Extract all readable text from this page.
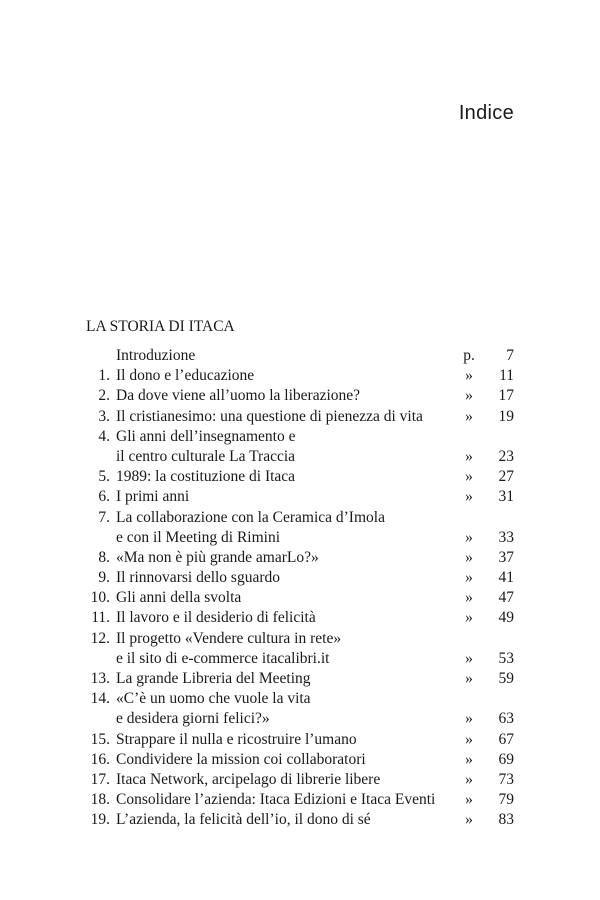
Indice
LA STORIA DI ITACA
Introduzione	p. 7
1. Il dono e l’educazione	» 11
2. Da dove viene all’uomo la liberazione?	» 17
3. Il cristianesimo: una questione di pienezza di vita	» 19
4. Gli anni dell’insegnamento e
il centro culturale La Traccia	» 23
5. 1989: la costituzione di Itaca	» 27
6. I primi anni	» 31
7. La collaborazione con la Ceramica d’Imola
e con il Meeting di Rimini	» 33
8. «Ma non è più grande amarLo?»	» 37
9. Il rinnovarsi dello sguardo	» 41
10. Gli anni della svolta	» 47
11. Il lavoro e il desiderio di felicità	» 49
12. Il progetto «Vendere cultura in rete»
e il sito di e-commerce itacalibri.it	» 53
13. La grande Libreria del Meeting	» 59
14. «C’è un uomo che vuole la vita
e desidera giorni felici?»	» 63
15. Strappare il nulla e ricostruire l’umano	» 67
16. Condividere la mission coi collaboratori	» 69
17. Itaca Network, arcipelago di librerie libere	» 73
18. Consolidare l’azienda: Itaca Edizioni e Itaca Eventi » 79
19. L’azienda, la felicità dell’io, il dono di sé	» 83
